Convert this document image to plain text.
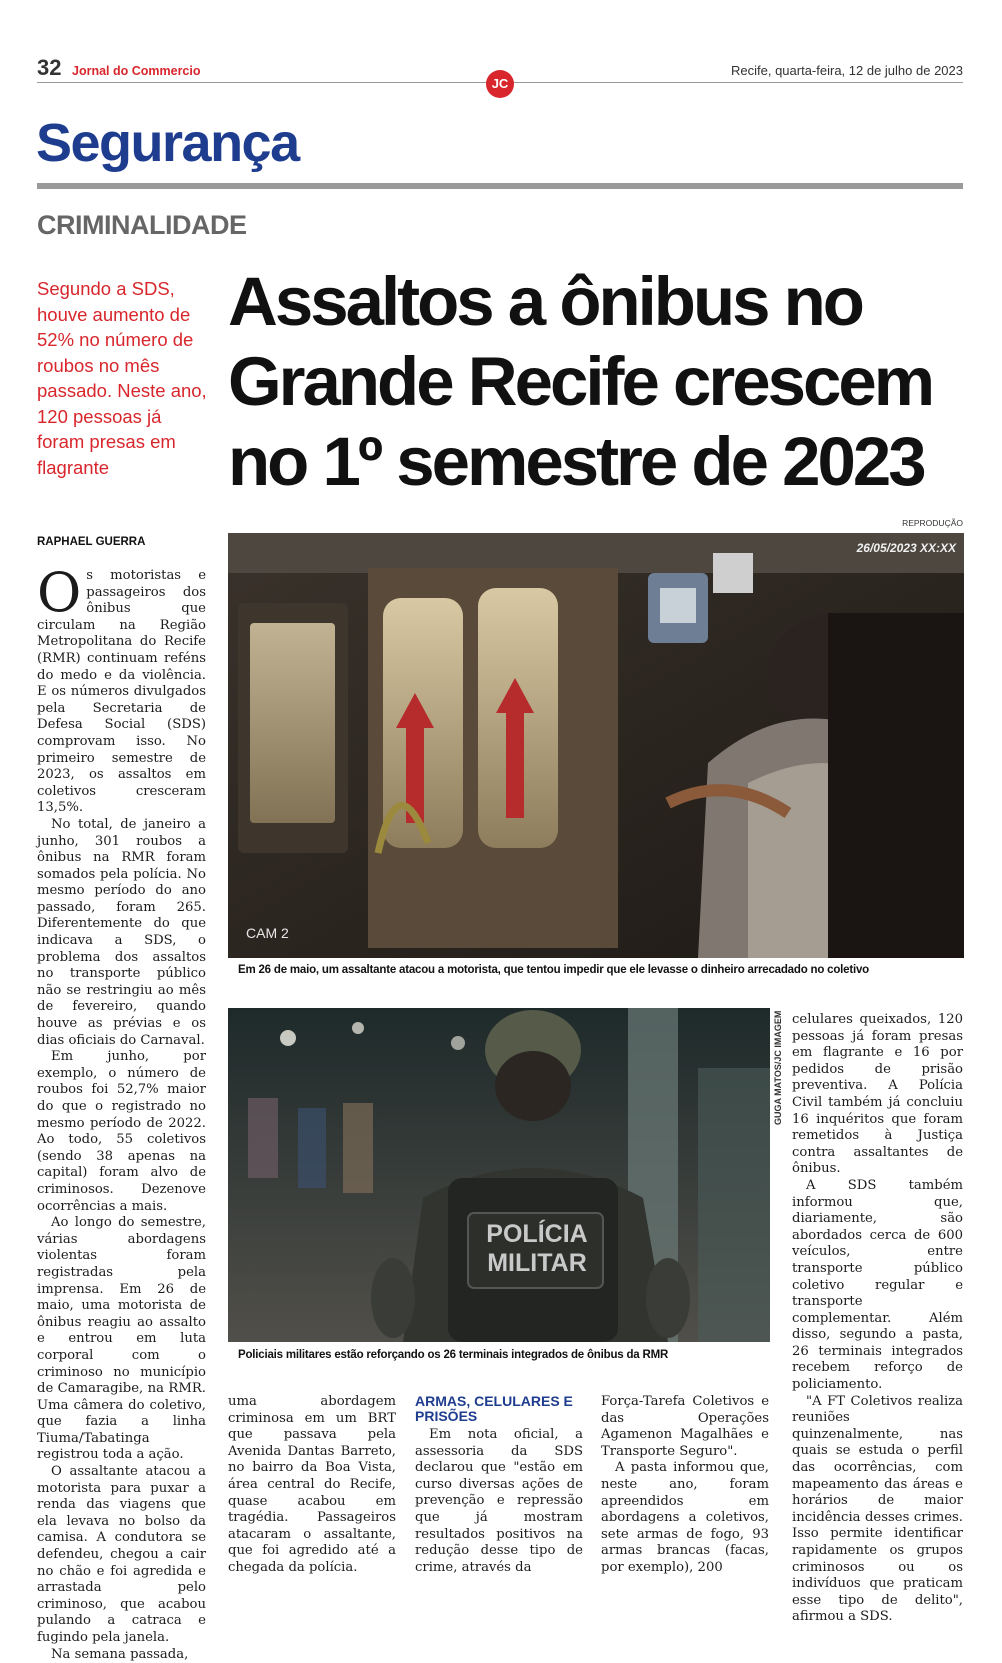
32 Jornal do Commercio	Recife, quarta-feira, 12 de julho de 2023
JC
Segurança
CRIMINALIDADE
Segundo a SDS, houve aumento de 52% no número de roubos no mês passado. Neste ano, 120 pessoas já foram presas em flagrante
Assaltos a ônibus no
Grande Recife crescem
no 1º semestre de 2023
REPRODUÇÃO
CAM 2
26/05/2023 XX:XX
Em 26 de maio, um assaltante atacou a motorista, que tentou impedir que ele levasse o dinheiro arrecadado no coletivo
POLÍCIA
MILITAR
GUGA MATOS/JC IMAGEM
Policiais militares estão reforçando os 26 terminais integrados de ônibus da RMR
RAPHAEL GUERRA

Os motoristas e passageiros dos ônibus que circulam na Região Metropolitana do Recife (RMR) continuam reféns do medo e da violência. E os números divulgados pela Secretaria de Defesa Social (SDS) comprovam isso. No primeiro semestre de 2023, os assaltos em coletivos cresceram 13,5%.

No total, de janeiro a junho, 301 roubos a ônibus na RMR foram somados pela polícia. No mesmo período do ano passado, foram 265. Diferentemente do que indicava a SDS, o problema dos assaltos no transporte público não se restringiu ao mês de fevereiro, quando houve as prévias e os dias oficiais do Carnaval.

Em junho, por exemplo, o número de roubos foi 52,7% maior do que o registrado no mesmo período de 2022. Ao todo, 55 coletivos (sendo 38 apenas na capital) foram alvo de criminosos. Dezenove ocorrências a mais.

Ao longo do semestre, várias abordagens violentas foram registradas pela imprensa. Em 26 de maio, uma motorista de ônibus reagiu ao assalto e entrou em luta corporal com o criminoso no município de Camaragibe, na RMR. Uma câmera do coletivo, que fazia a linha Tiuma/Tabatinga registrou toda a ação.

O assaltante atacou a motorista para puxar a renda das viagens que ela levava no bolso da camisa. A condutora se defendeu, chegou a cair no chão e foi agredida e arrastada pelo criminoso, que acabou pulando a catraca e fugindo pela janela.

Na semana passada,

uma abordagem criminosa em um BRT que passava pela Avenida Dantas Barreto, no bairro da Boa Vista, área central do Recife, quase acabou em tragédia. Passageiros atacaram o assaltante, que foi agredido até a chegada da polícia.

ARMAS, CELULARES E PRISÕES

Em nota oficial, a assessoria da SDS declarou que "estão em curso diversas ações de prevenção e repressão que já mostram resultados positivos na redução desse tipo de crime, através da

Força-Tarefa Coletivos e das Operações Agamenon Magalhães e Transporte Seguro".

A pasta informou que, neste ano, foram apreendidos em abordagens a coletivos, sete armas de fogo, 93 armas brancas (facas, por exemplo), 200

celulares queixados, 120 pessoas já foram presas em flagrante e 16 por pedidos de prisão preventiva. A Polícia Civil também já concluiu 16 inquéritos que foram remetidos à Justiça contra assaltantes de ônibus.

A SDS também informou que, diariamente, são abordados cerca de 600 veículos, entre transporte público coletivo regular e transporte complementar. Além disso, segundo a pasta, 26 terminais integrados recebem reforço de policiamento.

"A FT Coletivos realiza reuniões quinzenalmente, nas quais se estuda o perfil das ocorrências, com mapeamento das áreas e horários de maior incidência desses crimes. Isso permite identificar rapidamente os grupos criminosos ou os indivíduos que praticam esse tipo de delito", afirmou a SDS.
